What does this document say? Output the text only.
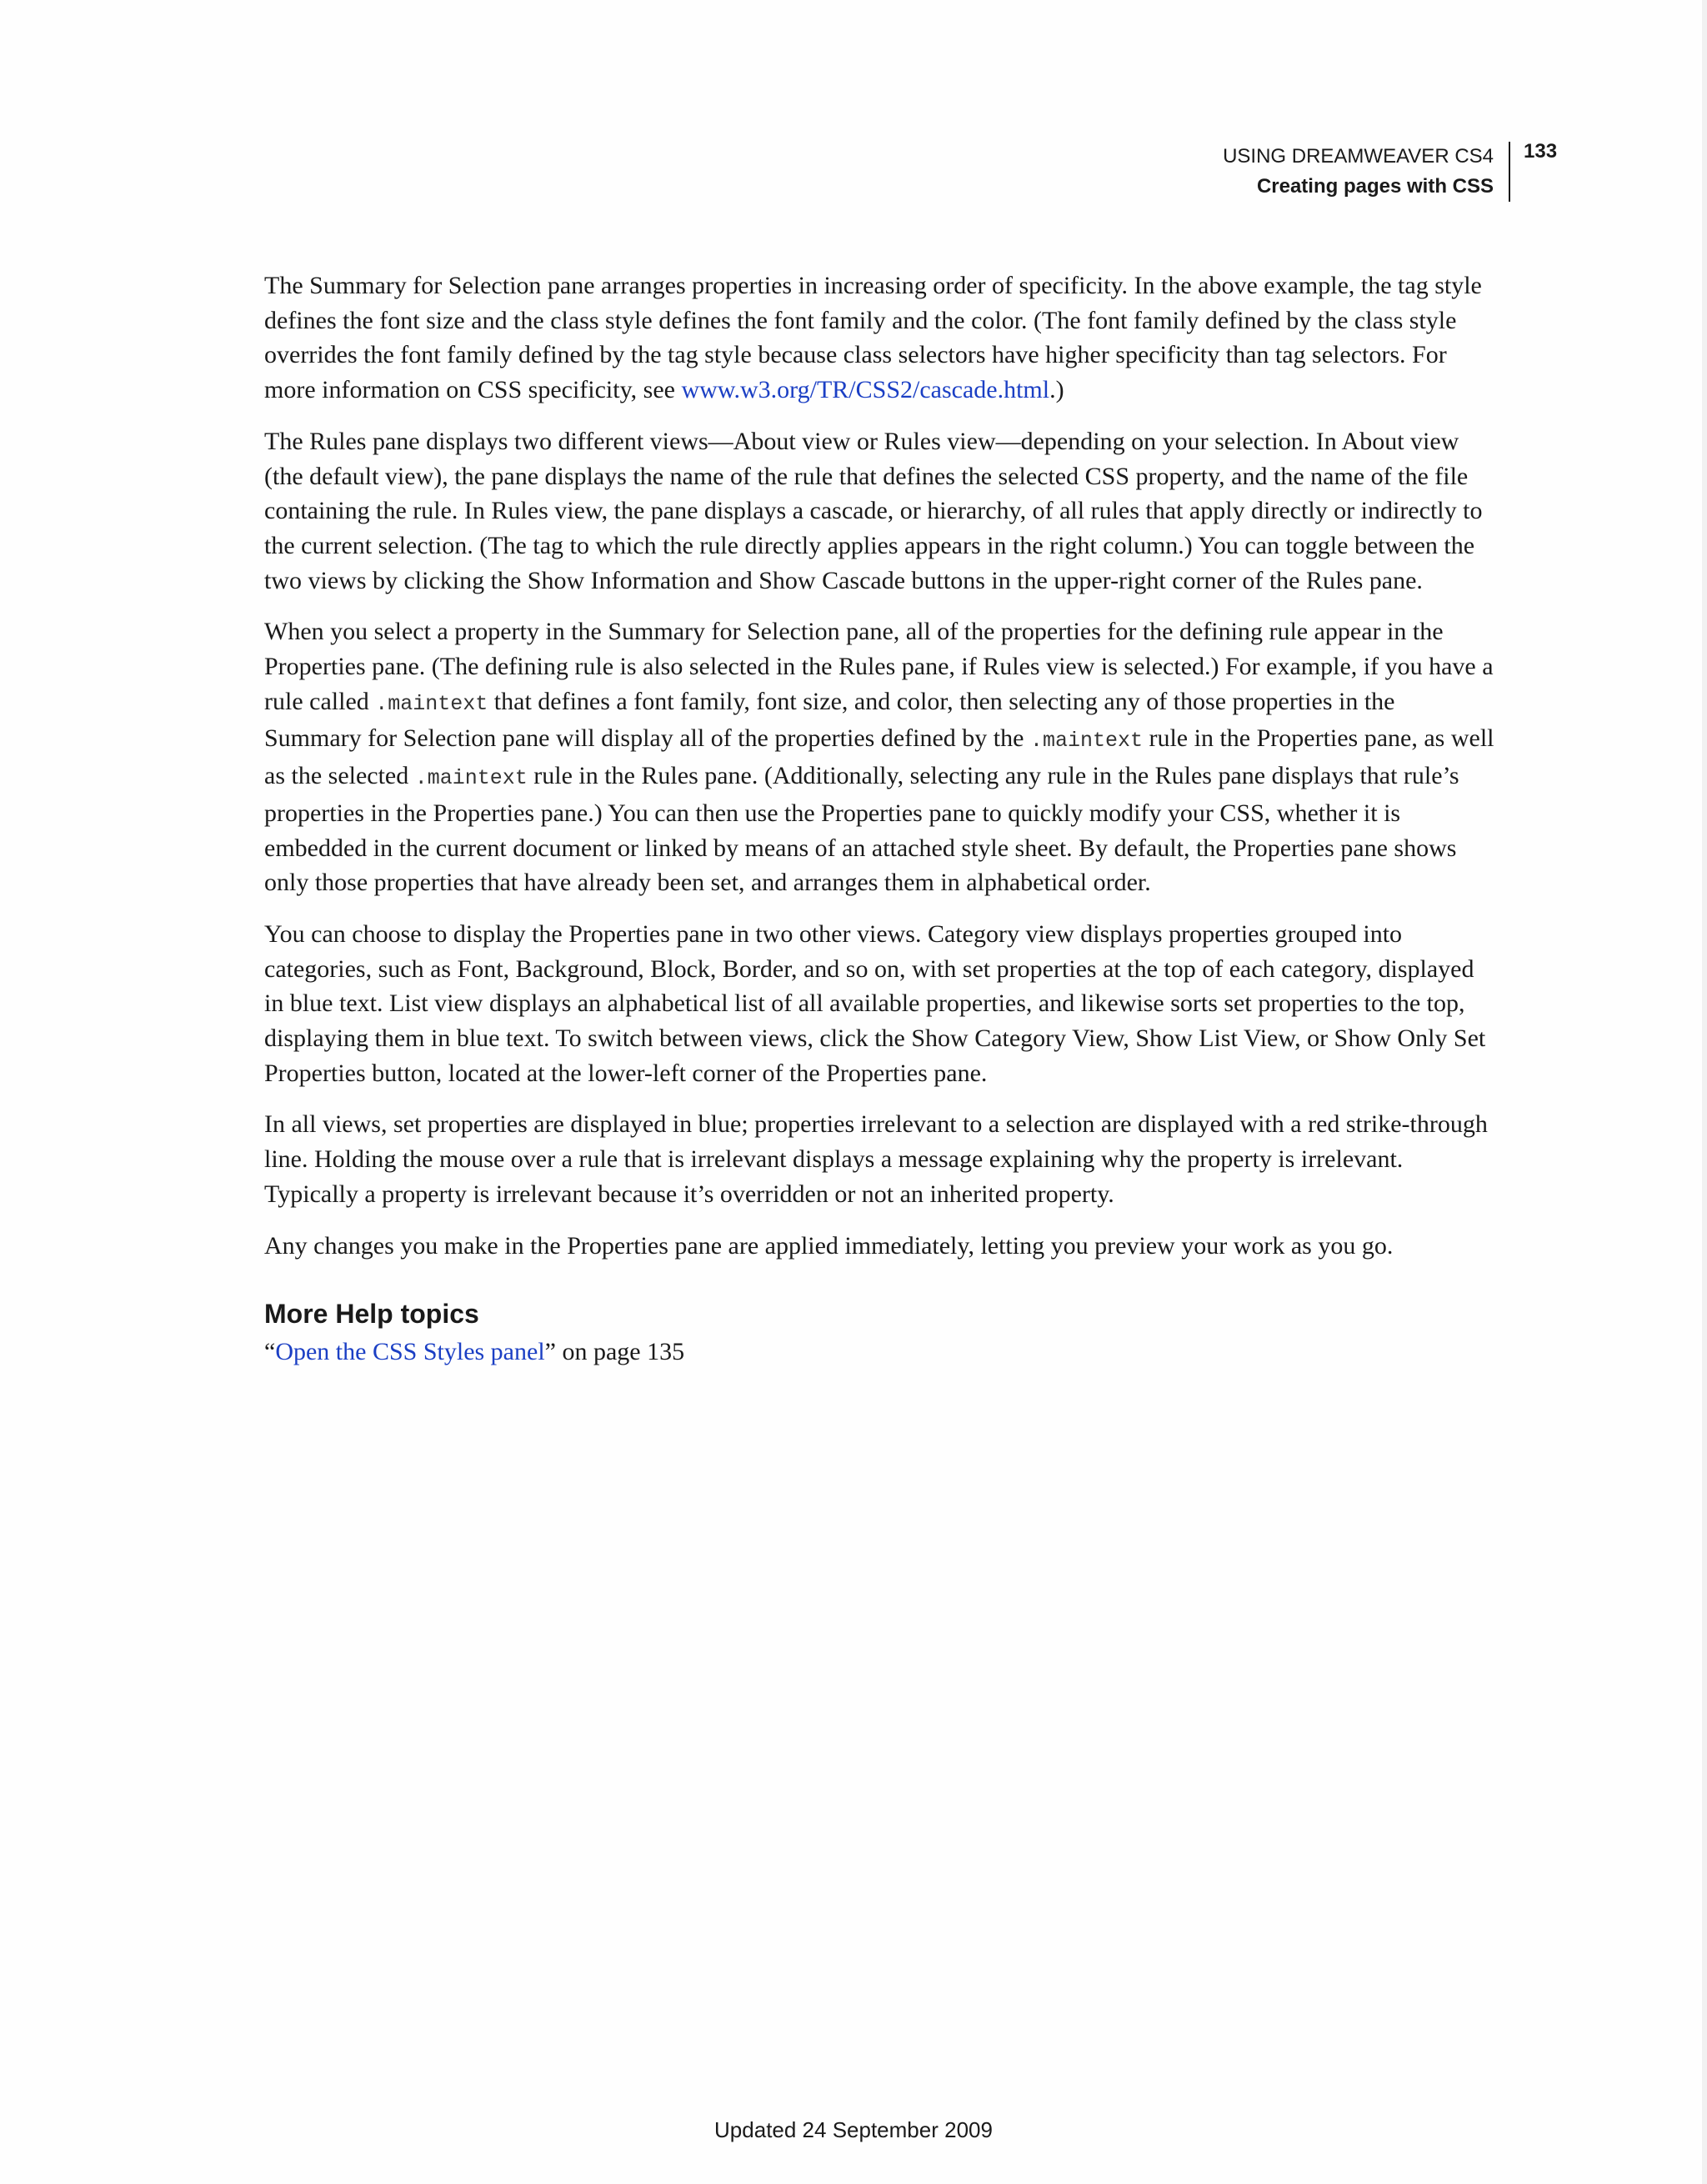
USING DREAMWEAVER CS4
Creating pages with CSS
133

The Summary for Selection pane arranges properties in increasing order of specificity. In the above example, the tag style defines the font size and the class style defines the font family and the color. (The font family defined by the class style overrides the font family defined by the tag style because class selectors have higher specificity than tag selectors. For more information on CSS specificity, see www.w3.org/TR/CSS2/cascade.html.)

The Rules pane displays two different views—About view or Rules view—depending on your selection. In About view (the default view), the pane displays the name of the rule that defines the selected CSS property, and the name of the file containing the rule. In Rules view, the pane displays a cascade, or hierarchy, of all rules that apply directly or indirectly to the current selection. (The tag to which the rule directly applies appears in the right column.) You can toggle between the two views by clicking the Show Information and Show Cascade buttons in the upper-right corner of the Rules pane.

When you select a property in the Summary for Selection pane, all of the properties for the defining rule appear in the Properties pane. (The defining rule is also selected in the Rules pane, if Rules view is selected.) For example, if you have a rule called .maintext that defines a font family, font size, and color, then selecting any of those properties in the Summary for Selection pane will display all of the properties defined by the .maintext rule in the Properties pane, as well as the selected .maintext rule in the Rules pane. (Additionally, selecting any rule in the Rules pane displays that rule’s properties in the Properties pane.) You can then use the Properties pane to quickly modify your CSS, whether it is embedded in the current document or linked by means of an attached style sheet. By default, the Properties pane shows only those properties that have already been set, and arranges them in alphabetical order.

You can choose to display the Properties pane in two other views. Category view displays properties grouped into categories, such as Font, Background, Block, Border, and so on, with set properties at the top of each category, displayed in blue text. List view displays an alphabetical list of all available properties, and likewise sorts set properties to the top, displaying them in blue text. To switch between views, click the Show Category View, Show List View, or Show Only Set Properties button, located at the lower-left corner of the Properties pane.

In all views, set properties are displayed in blue; properties irrelevant to a selection are displayed with a red strike-through line. Holding the mouse over a rule that is irrelevant displays a message explaining why the property is irrelevant. Typically a property is irrelevant because it’s overridden or not an inherited property.

Any changes you make in the Properties pane are applied immediately, letting you preview your work as you go.

More Help topics

“Open the CSS Styles panel” on page 135

Updated 24 September 2009
